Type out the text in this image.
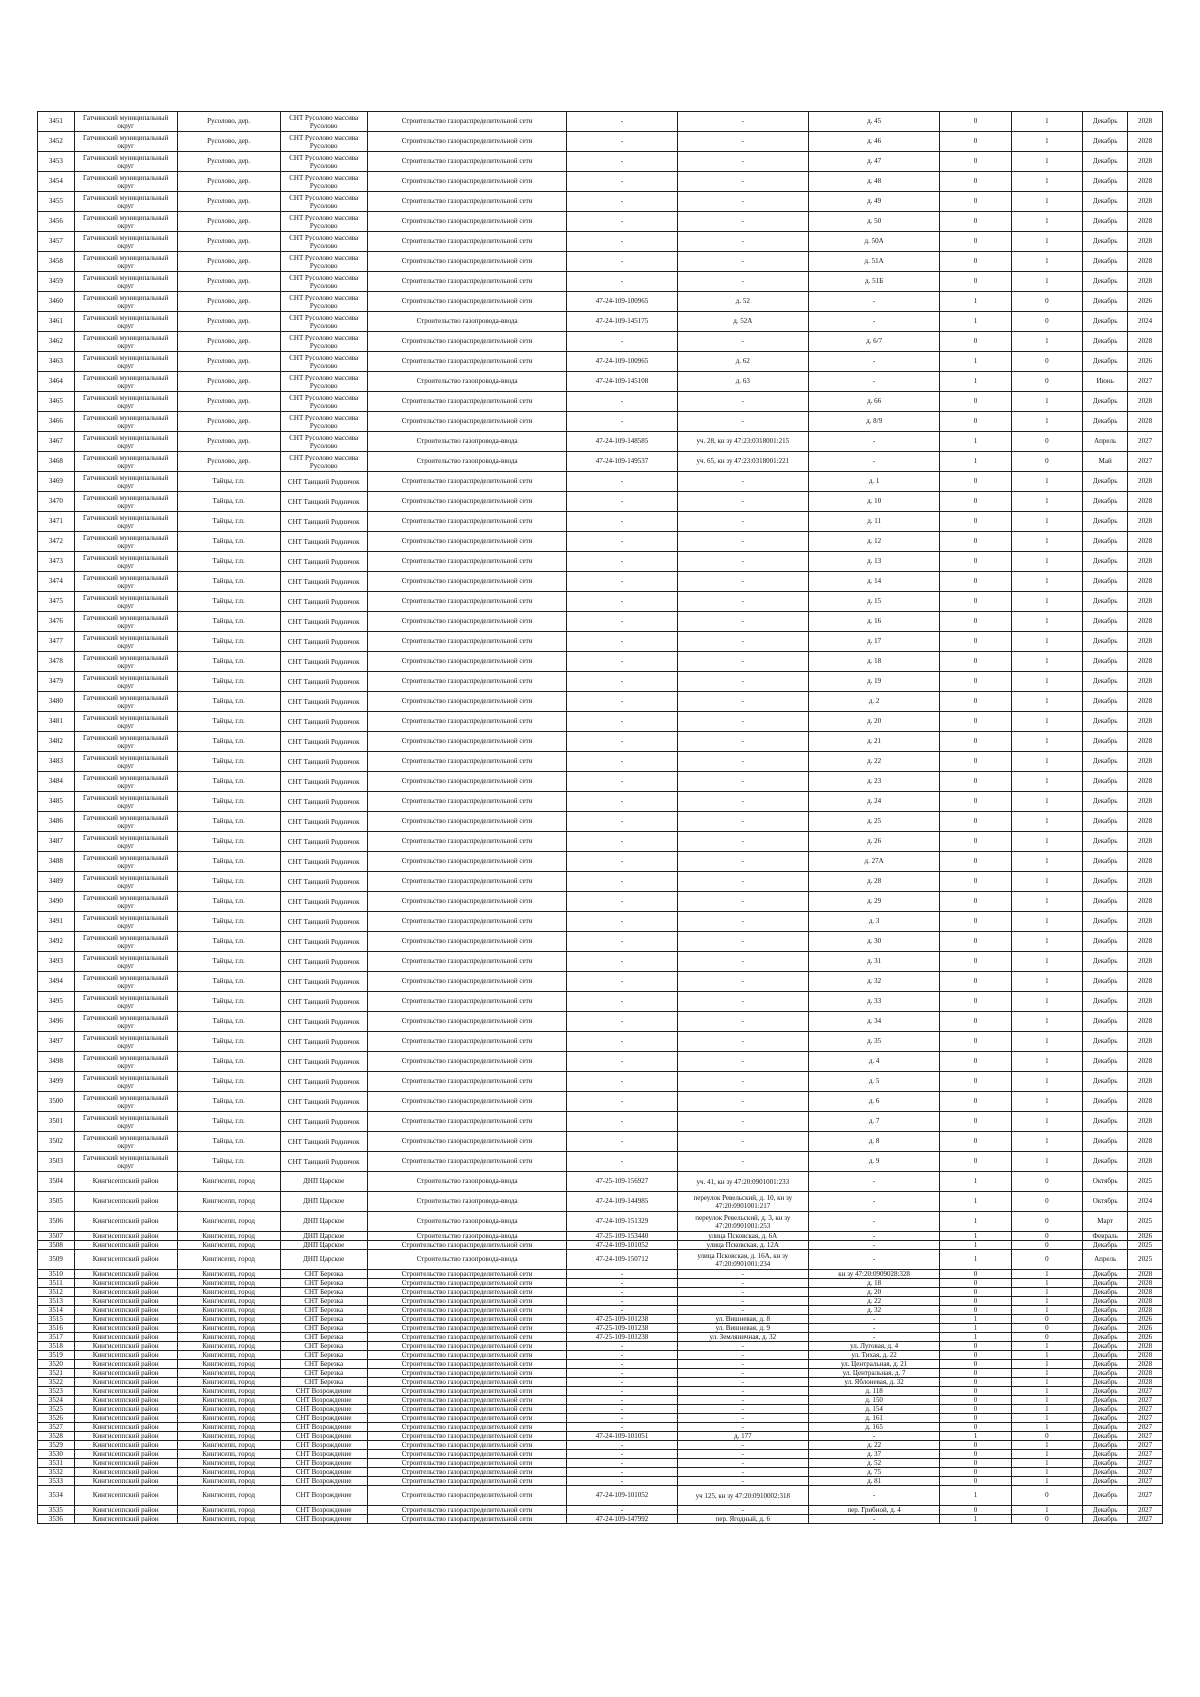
3451	Гатчинский муниципальный округ	Русолово, дер.	СНТ Русолово массива Русолово	Строительство газораспределительной сети	-	-	д. 45	0	1	Декабрь	2028
3452	Гатчинский муниципальный округ	Русолово, дер.	СНТ Русолово массива Русолово	Строительство газораспределительной сети	-	-	д. 46	0	1	Декабрь	2028
3453	Гатчинский муниципальный округ	Русолово, дер.	СНТ Русолово массива Русолово	Строительство газораспределительной сети	-	-	д. 47	0	1	Декабрь	2028
3454	Гатчинский муниципальный округ	Русолово, дер.	СНТ Русолово массива Русолово	Строительство газораспределительной сети	-	-	д. 48	0	1	Декабрь	2028
3455	Гатчинский муниципальный округ	Русолово, дер.	СНТ Русолово массива Русолово	Строительство газораспределительной сети	-	-	д. 49	0	1	Декабрь	2028
3456	Гатчинский муниципальный округ	Русолово, дер.	СНТ Русолово массива Русолово	Строительство газораспределительной сети	-	-	д. 50	0	1	Декабрь	2028
3457	Гатчинский муниципальный округ	Русолово, дер.	СНТ Русолово массива Русолово	Строительство газораспределительной сети	-	-	д. 50А	0	1	Декабрь	2028
3458	Гатчинский муниципальный округ	Русолово, дер.	СНТ Русолово массива Русолово	Строительство газораспределительной сети	-	-	д. 51А	0	1	Декабрь	2028
3459	Гатчинский муниципальный округ	Русолово, дер.	СНТ Русолово массива Русолово	Строительство газораспределительной сети	-	-	д. 51Б	0	1	Декабрь	2028
3460	Гатчинский муниципальный округ	Русолово, дер.	СНТ Русолово массива Русолово	Строительство газораспределительной сети	47-24-109-100965	д. 52	-	1	0	Декабрь	2026
3461	Гатчинский муниципальный округ	Русолово, дер.	СНТ Русолово массива Русолово	Строительство газопровода-ввода	47-24-109-145175	д. 52А	-	1	0	Декабрь	2024
3462	Гатчинский муниципальный округ	Русолово, дер.	СНТ Русолово массива Русолово	Строительство газораспределительной сети	-	-	д. 6/7	0	1	Декабрь	2028
3463	Гатчинский муниципальный округ	Русолово, дер.	СНТ Русолово массива Русолово	Строительство газораспределительной сети	47-24-109-100965	д. 62	-	1	0	Декабрь	2026
3464	Гатчинский муниципальный округ	Русолово, дер.	СНТ Русолово массива Русолово	Строительство газопровода-ввода	47-24-109-145108	д. 63	-	1	0	Июнь	2027
3465	Гатчинский муниципальный округ	Русолово, дер.	СНТ Русолово массива Русолово	Строительство газораспределительной сети	-	-	д. 66	0	1	Декабрь	2028
3466	Гатчинский муниципальный округ	Русолово, дер.	СНТ Русолово массива Русолово	Строительство газораспределительной сети	-	-	д. 8/9	0	1	Декабрь	2028
3467	Гатчинский муниципальный округ	Русолово, дер.	СНТ Русолово массива Русолово	Строительство газопровода-ввода	47-24-109-148585	уч. 28, кн зу 47:23:0318001:215	-	1	0	Апрель	2027
3468	Гатчинский муниципальный округ	Русолово, дер.	СНТ Русолово массива Русолово	Строительство газопровода-ввода	47-24-109-149537	уч. 65, кн зу 47:23:0318001:221	-	1	0	Май	2027
3469	Гатчинский муниципальный округ	Тайцы, г.п.	СНТ Таицкий Родничок	Строительство газораспределительной сети	-	-	д. 1	0	1	Декабрь	2028
3470	Гатчинский муниципальный округ	Тайцы, г.п.	СНТ Таицкий Родничок	Строительство газораспределительной сети	-	-	д. 10	0	1	Декабрь	2028
3471	Гатчинский муниципальный округ	Тайцы, г.п.	СНТ Таицкий Родничок	Строительство газораспределительной сети	-	-	д. 11	0	1	Декабрь	2028
3472	Гатчинский муниципальный округ	Тайцы, г.п.	СНТ Таицкий Родничок	Строительство газораспределительной сети	-	-	д. 12	0	1	Декабрь	2028
3473	Гатчинский муниципальный округ	Тайцы, г.п.	СНТ Таицкий Родничок	Строительство газораспределительной сети	-	-	д. 13	0	1	Декабрь	2028
3474	Гатчинский муниципальный округ	Тайцы, г.п.	СНТ Таицкий Родничок	Строительство газораспределительной сети	-	-	д. 14	0	1	Декабрь	2028
3475	Гатчинский муниципальный округ	Тайцы, г.п.	СНТ Таицкий Родничок	Строительство газораспределительной сети	-	-	д. 15	0	1	Декабрь	2028
3476	Гатчинский муниципальный округ	Тайцы, г.п.	СНТ Таицкий Родничок	Строительство газораспределительной сети	-	-	д. 16	0	1	Декабрь	2028
3477	Гатчинский муниципальный округ	Тайцы, г.п.	СНТ Таицкий Родничок	Строительство газораспределительной сети	-	-	д. 17	0	1	Декабрь	2028
3478	Гатчинский муниципальный округ	Тайцы, г.п.	СНТ Таицкий Родничок	Строительство газораспределительной сети	-	-	д. 18	0	1	Декабрь	2028
3479	Гатчинский муниципальный округ	Тайцы, г.п.	СНТ Таицкий Родничок	Строительство газораспределительной сети	-	-	д. 19	0	1	Декабрь	2028
3480	Гатчинский муниципальный округ	Тайцы, г.п.	СНТ Таицкий Родничок	Строительство газораспределительной сети	-	-	д. 2	0	1	Декабрь	2028
3481	Гатчинский муниципальный округ	Тайцы, г.п.	СНТ Таицкий Родничок	Строительство газораспределительной сети	-	-	д. 20	0	1	Декабрь	2028
3482	Гатчинский муниципальный округ	Тайцы, г.п.	СНТ Таицкий Родничок	Строительство газораспределительной сети	-	-	д. 21	0	1	Декабрь	2028
3483	Гатчинский муниципальный округ	Тайцы, г.п.	СНТ Таицкий Родничок	Строительство газораспределительной сети	-	-	д. 22	0	1	Декабрь	2028
3484	Гатчинский муниципальный округ	Тайцы, г.п.	СНТ Таицкий Родничок	Строительство газораспределительной сети	-	-	д. 23	0	1	Декабрь	2028
3485	Гатчинский муниципальный округ	Тайцы, г.п.	СНТ Таицкий Родничок	Строительство газораспределительной сети	-	-	д. 24	0	1	Декабрь	2028
3486	Гатчинский муниципальный округ	Тайцы, г.п.	СНТ Таицкий Родничок	Строительство газораспределительной сети	-	-	д. 25	0	1	Декабрь	2028
3487	Гатчинский муниципальный округ	Тайцы, г.п.	СНТ Таицкий Родничок	Строительство газораспределительной сети	-	-	д. 26	0	1	Декабрь	2028
3488	Гатчинский муниципальный округ	Тайцы, г.п.	СНТ Таицкий Родничок	Строительство газораспределительной сети	-	-	д. 27А	0	1	Декабрь	2028
3489	Гатчинский муниципальный округ	Тайцы, г.п.	СНТ Таицкий Родничок	Строительство газораспределительной сети	-	-	д. 28	0	1	Декабрь	2028
3490	Гатчинский муниципальный округ	Тайцы, г.п.	СНТ Таицкий Родничок	Строительство газораспределительной сети	-	-	д. 29	0	1	Декабрь	2028
3491	Гатчинский муниципальный округ	Тайцы, г.п.	СНТ Таицкий Родничок	Строительство газораспределительной сети	-	-	д. 3	0	1	Декабрь	2028
3492	Гатчинский муниципальный округ	Тайцы, г.п.	СНТ Таицкий Родничок	Строительство газораспределительной сети	-	-	д. 30	0	1	Декабрь	2028
3493	Гатчинский муниципальный округ	Тайцы, г.п.	СНТ Таицкий Родничок	Строительство газораспределительной сети	-	-	д. 31	0	1	Декабрь	2028
3494	Гатчинский муниципальный округ	Тайцы, г.п.	СНТ Таицкий Родничок	Строительство газораспределительной сети	-	-	д. 32	0	1	Декабрь	2028
3495	Гатчинский муниципальный округ	Тайцы, г.п.	СНТ Таицкий Родничок	Строительство газораспределительной сети	-	-	д. 33	0	1	Декабрь	2028
3496	Гатчинский муниципальный округ	Тайцы, г.п.	СНТ Таицкий Родничок	Строительство газораспределительной сети	-	-	д. 34	0	1	Декабрь	2028
3497	Гатчинский муниципальный округ	Тайцы, г.п.	СНТ Таицкий Родничок	Строительство газораспределительной сети	-	-	д. 35	0	1	Декабрь	2028
3498	Гатчинский муниципальный округ	Тайцы, г.п.	СНТ Таицкий Родничок	Строительство газораспределительной сети	-	-	д. 4	0	1	Декабрь	2028
3499	Гатчинский муниципальный округ	Тайцы, г.п.	СНТ Таицкий Родничок	Строительство газораспределительной сети	-	-	д. 5	0	1	Декабрь	2028
3500	Гатчинский муниципальный округ	Тайцы, г.п.	СНТ Таицкий Родничок	Строительство газораспределительной сети	-	-	д. 6	0	1	Декабрь	2028
3501	Гатчинский муниципальный округ	Тайцы, г.п.	СНТ Таицкий Родничок	Строительство газораспределительной сети	-	-	д. 7	0	1	Декабрь	2028
3502	Гатчинский муниципальный округ	Тайцы, г.п.	СНТ Таицкий Родничок	Строительство газораспределительной сети	-	-	д. 8	0	1	Декабрь	2028
3503	Гатчинский муниципальный округ	Тайцы, г.п.	СНТ Таицкий Родничок	Строительство газораспределительной сети	-	-	д. 9	0	1	Декабрь	2028
3504	Кингисеппский район	Кингисепп, город	ДНП Царское	Строительство газопровода-ввода	47-25-109-156927	уч. 41, кн зу 47:20:0901001:233	-	1	0	Октябрь	2025
3505	Кингисеппский район	Кингисепп, город	ДНП Царское	Строительство газопровода-ввода	47-24-109-144985	переулок Ревельский, д. 10, кн зу 47:20:0901001:217	-	1	0	Октябрь	2024
3506	Кингисеппский район	Кингисепп, город	ДНП Царское	Строительство газопровода-ввода	47-24-109-151329	переулок Ревельский, д. 3, кн зу 47:20:0901001:253	-	1	0	Март	2025
3507	Кингисеппский район	Кингисепп, город	ДНП Царское	Строительство газопровода-ввода	47-25-109-153440	улица Псковская, д. 6А	-	1	0	Февраль	2026
3508	Кингисеппский район	Кингисепп, город	ДНП Царское	Строительство газораспределительной сети	47-24-109-101052	улица Псковская, д. 12А	-	1	0	Декабрь	2025
3509	Кингисеппский район	Кингисепп, город	ДНП Царское	Строительство газопровода-ввода	47-24-109-150712	улица Псковская, д. 16А, кн зу 47:20:0901001:234	-	1	0	Апрель	2025
3510	Кингисеппский район	Кингисепп, город	СНТ Березка	Строительство газораспределительной сети	-	-	кн зу 47:20:0909028:328	0	1	Декабрь	2028
3511	Кингисеппский район	Кингисепп, город	СНТ Березка	Строительство газораспределительной сети	-	-	д. 18	0	1	Декабрь	2028
3512	Кингисеппский район	Кингисепп, город	СНТ Березка	Строительство газораспределительной сети	-	-	д. 20	0	1	Декабрь	2028
3513	Кингисеппский район	Кингисепп, город	СНТ Березка	Строительство газораспределительной сети	-	-	д. 22	0	1	Декабрь	2028
3514	Кингисеппский район	Кингисепп, город	СНТ Березка	Строительство газораспределительной сети	-	-	д. 32	0	1	Декабрь	2028
3515	Кингисеппский район	Кингисепп, город	СНТ Березка	Строительство газораспределительной сети	47-25-109-101238	ул. Вишневая, д. 8	-	1	0	Декабрь	2026
3516	Кингисеппский район	Кингисепп, город	СНТ Березка	Строительство газораспределительной сети	47-25-109-101238	ул. Вишневая, д. 9	-	1	0	Декабрь	2026
3517	Кингисеппский район	Кингисепп, город	СНТ Березка	Строительство газораспределительной сети	47-25-109-101238	ул. Земляничная, д. 32	-	1	0	Декабрь	2026
3518	Кингисеппский район	Кингисепп, город	СНТ Березка	Строительство газораспределительной сети	-	-	ул. Луговая, д. 4	0	1	Декабрь	2028
3519	Кингисеппский район	Кингисепп, город	СНТ Березка	Строительство газораспределительной сети	-	-	ул. Тихая, д. 22	0	1	Декабрь	2028
3520	Кингисеппский район	Кингисепп, город	СНТ Березка	Строительство газораспределительной сети	-	-	ул. Центральная, д. 21	0	1	Декабрь	2028
3521	Кингисеппский район	Кингисепп, город	СНТ Березка	Строительство газораспределительной сети	-	-	ул. Центральная, д. 7	0	1	Декабрь	2028
3522	Кингисеппский район	Кингисепп, город	СНТ Березка	Строительство газораспределительной сети	-	-	ул. Яблоневая, д. 32	0	1	Декабрь	2028
3523	Кингисеппский район	Кингисепп, город	СНТ Возрождение	Строительство газораспределительной сети	-	-	д. 118	0	1	Декабрь	2027
3524	Кингисеппский район	Кингисепп, город	СНТ Возрождение	Строительство газораспределительной сети	-	-	д. 150	0	1	Декабрь	2027
3525	Кингисеппский район	Кингисепп, город	СНТ Возрождение	Строительство газораспределительной сети	-	-	д. 154	0	1	Декабрь	2027
3526	Кингисеппский район	Кингисепп, город	СНТ Возрождение	Строительство газораспределительной сети	-	-	д. 161	0	1	Декабрь	2027
3527	Кингисеппский район	Кингисепп, город	СНТ Возрождение	Строительство газораспределительной сети	-	-	д. 165	0	1	Декабрь	2027
3528	Кингисеппский район	Кингисепп, город	СНТ Возрождение	Строительство газораспределительной сети	47-24-109-101051	д. 177	-	1	0	Декабрь	2027
3529	Кингисеппский район	Кингисепп, город	СНТ Возрождение	Строительство газораспределительной сети	-	-	д. 22	0	1	Декабрь	2027
3530	Кингисеппский район	Кингисепп, город	СНТ Возрождение	Строительство газораспределительной сети	-	-	д. 37	0	1	Декабрь	2027
3531	Кингисеппский район	Кингисепп, город	СНТ Возрождение	Строительство газораспределительной сети	-	-	д. 52	0	1	Декабрь	2027
3532	Кингисеппский район	Кингисепп, город	СНТ Возрождение	Строительство газораспределительной сети	-	-	д. 75	0	1	Декабрь	2027
3533	Кингисеппский район	Кингисепп, город	СНТ Возрождение	Строительство газораспределительной сети	-	-	д. 81	0	1	Декабрь	2027
3534	Кингисеппский район	Кингисепп, город	СНТ Возрождение	Строительство газораспределительной сети	47-24-109-101052	уч 125, кн зу 47:20:0910002:318	-	1	0	Декабрь	2027
3535	Кингисеппский район	Кингисепп, город	СНТ Возрождение	Строительство газораспределительной сети	-	-	пер. Грибной, д. 4	0	1	Декабрь	2027
3536	Кингисеппский район	Кингисепп, город	СНТ Возрождение	Строительство газораспределительной сети	47-24-109-147992	пер. Ягодный, д. 6	-	1	0	Декабрь	2027
